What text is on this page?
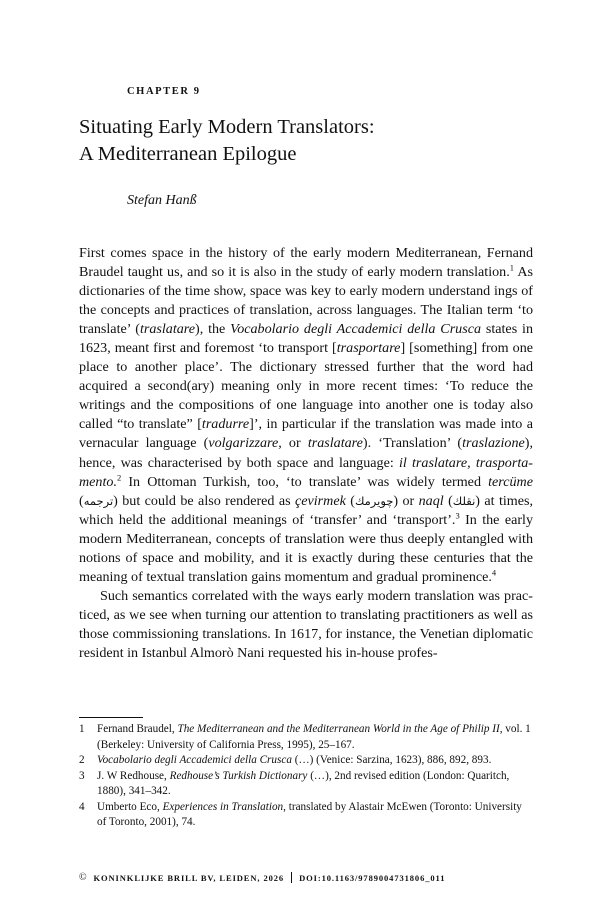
CHAPTER 9
Situating Early Modern Translators:
A Mediterranean Epilogue
Stefan Hanß

First comes space in the history of the early modern Mediterranean, Fernand Braudel taught us, and so it is also in the study of early modern translation.$^1$ As dictionaries of the time show, space was key to early modern understand ings of the concepts and practices of translation, across languages. The Italian term ‘to translate’ (traslatare), the Vocabolario degli Accademici della Crusca states in 1623, meant first and foremost ‘to transport [trasportare] [something] from one place to another place’. The dictionary stressed further that the word had acquired a second(ary) meaning only in more recent times: ‘To reduce the writings and the compositions of one language into another one is today also called “to translate” [tradurre]’, in particular if the translation was made into a vernacular language (volgarizzare, or traslatare). ‘Translation’ (traslazione), hence, was characterised by both space and language: il traslatare, trasportamento.$^2$ In Ottoman Turkish, too, ‘to translate’ was widely termed tercüme (ترجمه) but could be also rendered as çevirmek (چويرمك) or naql (نقلك) at times, which held the additional meanings of ‘transfer’ and ‘transport’.$^3$ In the early modern Mediterranean, concepts of translation were thus deeply entangled with notions of space and mobility, and it is exactly during these centuries that the meaning of textual translation gains momentum and gradual prominence.$^4$

Such semantics correlated with the ways early modern translation was practiced, as we see when turning our attention to translating practitioners as well as those commissioning translations. In 1617, for instance, the Venetian diplomatic resident in Istanbul Almorò Nani requested his in-house profes-

1	Fernand Braudel, The Mediterranean and the Mediterranean World in the Age of Philip II, vol. 1 (Berkeley: University of California Press, 1995), 25–167.
2	Vocabolario degli Accademici della Crusca (…) (Venice: Sarzina, 1623), 886, 892, 893.
3	J. W Redhouse, Redhouse’s Turkish Dictionary (…), 2nd revised edition (London: Quaritch, 1880), 341–342.
4	Umberto Eco, Experiences in Translation, translated by Alastair McEwen (Toronto: University of Toronto, 2001), 74.
© KONINKLIJKE BRILL BV, LEIDEN, 2026 DOI:10.1163/9789004731806_011
